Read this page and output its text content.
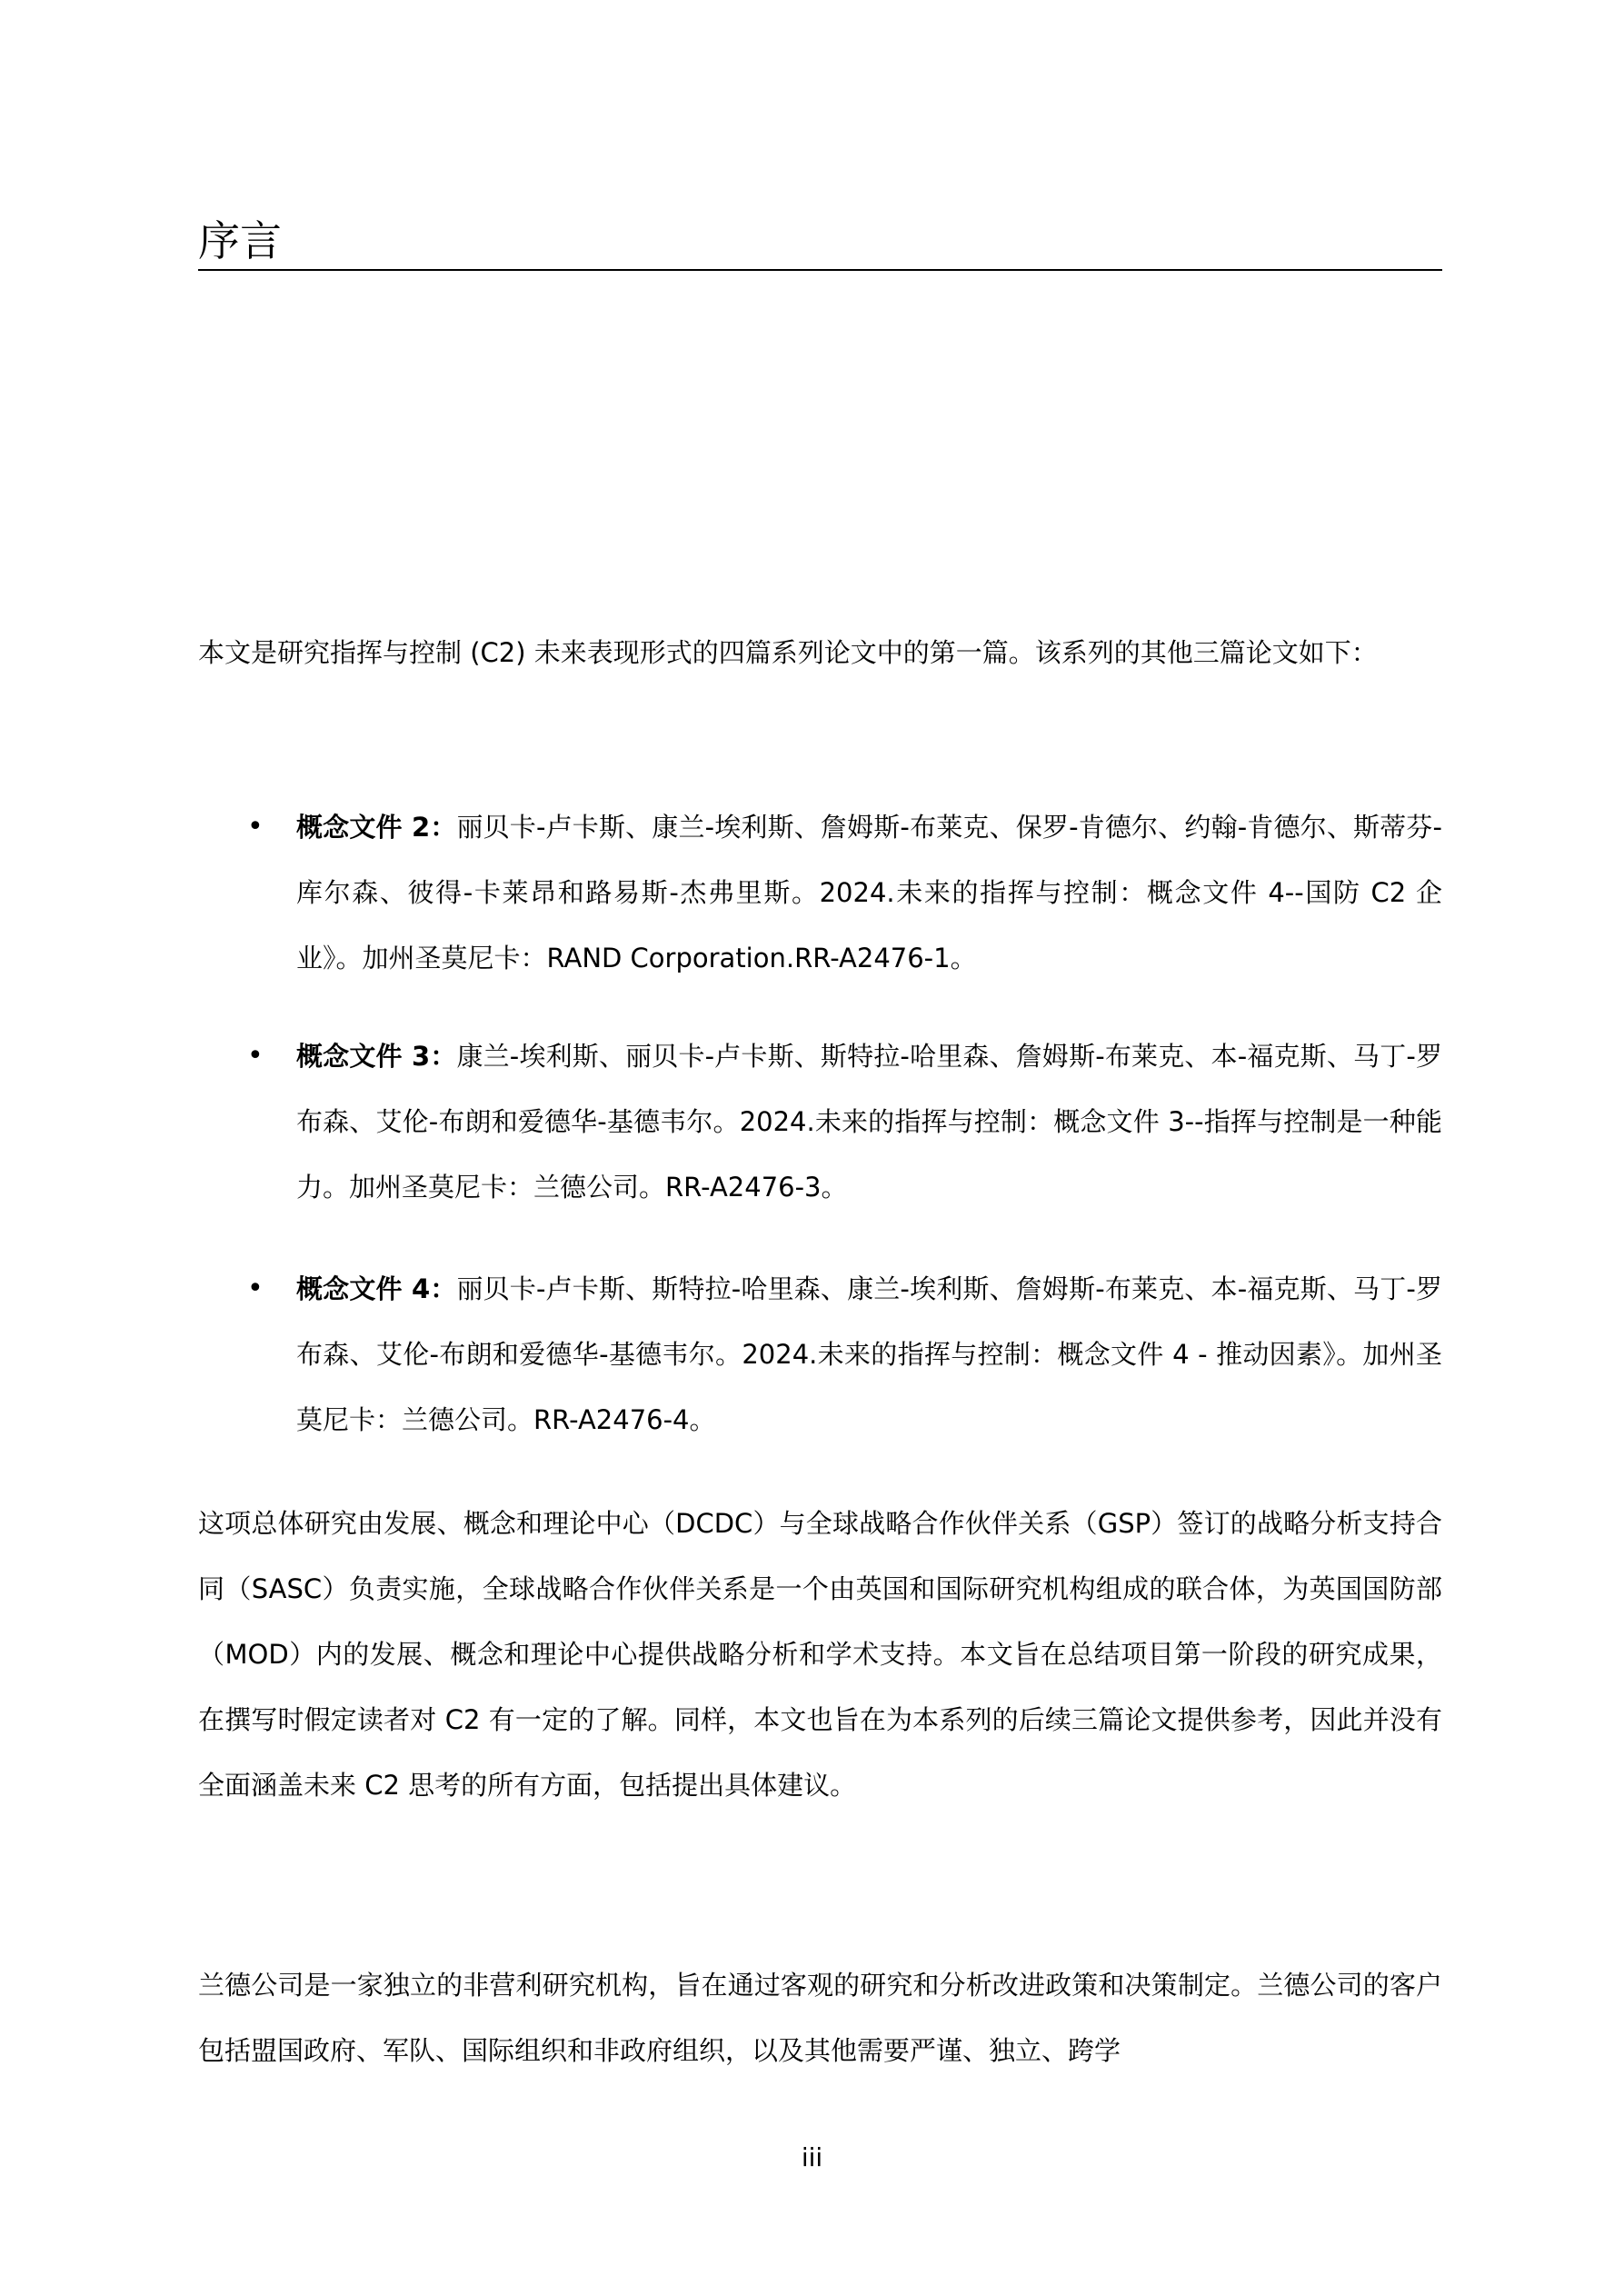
序言

本文是研究指挥与控制 (C2) 未来表现形式的四篇系列论文中的第一篇。该系列的其他三篇论文如下：

• 概念文件 2：丽贝卡-卢卡斯、康兰-埃利斯、詹姆斯-布莱克、保罗-肯德尔、约翰-肯德尔、斯蒂芬-库尔森、彼得-卡莱昂和路易斯-杰弗里斯。2024.未来的指挥与控制：概念文件 4--国防 C2 企业》。加州圣莫尼卡：RAND Corporation.RR-A2476-1。

• 概念文件 3：康兰-埃利斯、丽贝卡-卢卡斯、斯特拉-哈里森、詹姆斯-布莱克、本-福克斯、马丁-罗布森、艾伦-布朗和爱德华-基德韦尔。2024.未来的指挥与控制：概念文件 3--指挥与控制是一种能力。加州圣莫尼卡：兰德公司。RR-A2476-3。

• 概念文件 4：丽贝卡-卢卡斯、斯特拉-哈里森、康兰-埃利斯、詹姆斯-布莱克、本-福克斯、马丁-罗布森、艾伦-布朗和爱德华-基德韦尔。2024.未来的指挥与控制：概念文件 4 - 推动因素》。加州圣莫尼卡：兰德公司。RR-A2476-4。

这项总体研究由发展、概念和理论中心（DCDC）与全球战略合作伙伴关系（GSP）签订的战略分析支持合同（SASC）负责实施，全球战略合作伙伴关系是一个由英国和国际研究机构组成的联合体，为英国国防部（MOD）内的发展、概念和理论中心提供战略分析和学术支持。本文旨在总结项目第一阶段的研究成果，在撰写时假定读者对 C2 有一定的了解。同样，本文也旨在为本系列的后续三篇论文提供参考，因此并没有全面涵盖未来 C2 思考的所有方面，包括提出具体建议。

兰德公司是一家独立的非营利研究机构，旨在通过客观的研究和分析改进政策和决策制定。兰德公司的客户包括盟国政府、军队、国际组织和非政府组织，以及其他需要严谨、独立、跨学

iii
